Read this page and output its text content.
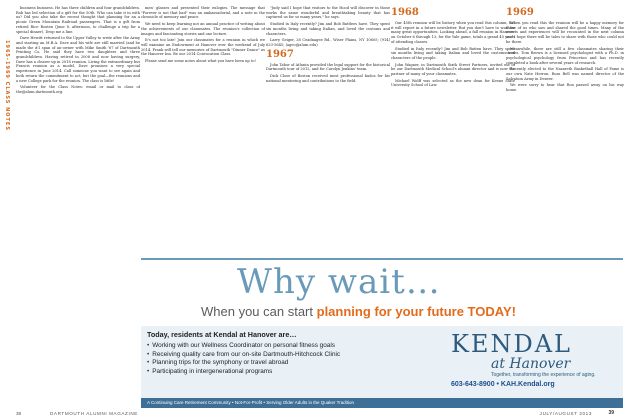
1965-1969 CLASS NOTES

business business. He has three children and four grandchildren. Rob has led selection of a gift for the 50th. Who can take it in with us? Did you also take the recent thought that planning for an a picnic Green Mountain Railroad passengers. That is a gift from retired Rice Rosten (June 8, afternoon, to challenge a trip for a special dinner). Drop me a line.

Dave Hewitt returned to the Upper Valley to write after the Army and starting an M.B.A. Dave and his wife are still married (and he made the #1 span of an-owner with Mike Smith '67 of Dartmouth Printing Co. He said they have two daughters and three grandchildren. Having retired in 2008 and now having surgery, Dave has a clearer up in 2018 reunion. Living the extraordinary but Francis reunion as a model, Dave promises a very special experience in June 2014. Call someone you want to see again and both return the commitment to act, but the goal—the reunions and a new College park for the reunion. The class is little!

Volunteer for the Class Notes: email or mail to class of the@alum.dartmouth.org.

men' glasses and presented their eulogies. The message that "Forever is not that bad" was an ambassadorial, and a note in the chronicle of memory and peace.

We need to keep learning not an annual practice of writing about the achievements of our classmates. The reunion's collection of images and fascinating stories and one lecture.

It's not too late! Join our classmates for a reunion in which we will examine an Endowment at Hanover over the weekend of July 2014. Frank will tell our memories of Dartmouth "Dinner Dance" as the Hanover Inn. Be our 2014 Convocation Class.

Please send me some notes about what you have been up to!

"Judy said I hope that visitors to the Hood will discover in those works the same wonderful and breathtaking beauty that has captured us for so many years," he says.

Studied in Italy recently? Jim and Bob Battlees have. They spent six months living and taking Italian, and loved the customs and characters.

Larry Geiger, 28 Ceadnagee Rd., Wiser Plains, NY 10605; (914) 633-5645; (ageo@alum.edu)

1967

John Tabor of Atlanta provided the legal support for the historical Dartmouth tour of 2012, and for Carolyn Jenkins' team.

Dick Close of Boston received most professional kudos for his national mentoring and contributions to the field.

1968

Our 45th reunion will be history when you read this column, but it will report in a future newsletter. But you don't have to wait for many great opportunities. Looking ahead, a fall reunion in Hanover on October 6 through 13, for the Yale game, totals a grand 45 years of attending classes.

Studied in Italy recently? Jim and Bob Batten have. They spent six months living and taking Italian and loved the customs and characters of the people.

John Wagner, in Dartmouth Sixth Street Partners, invited me to be our Dartmouth Medical School's alumni director and is now the partner of many of your classmates.

Michael Wolff was selected as the new dean for Keene State University School of Law.

1969

When you read this the reunion will be a happy memory for those of us who saw and shared the good times. Many of the events and experiences will be recounted in the next column and I hope there will be tales to share with those who could not be there.

Meanwhile, there are still a few classmates sharing their stories. Tom Brown is a licensed psychologist with a Ph.D. in psychological psychology from Princeton and has recently completed a book after several years of research.

Recently elected to the Nazareth Basketball Hall of Fame is our own Nate Herron. Russ Bell was named director of the Salvation Army in Denver.

We were sorry to hear that Ron passed away on his way home.

Why wait…
When you can start planning for your future TODAY!
Today, residents at Kendal at Hanover are…
• Working with our Wellness Coordinator on personal fitness goals
• Receiving quality care from our on-site Dartmouth-Hitchcock Clinic
• Planning trips for the symphony or travel abroad
• Participating in intergenerational programs
KENDAL
at Hanover
Together, transforming the experience of aging.
603-643-8900 • KAH.Kendal.org
A Continuing Care Retirement Community • Not-For-Profit • Serving Older Adults in the Quaker Tradition
38	DARTMOUTH ALUMNI MAGAZINE	JULY/AUGUST 2013	39
